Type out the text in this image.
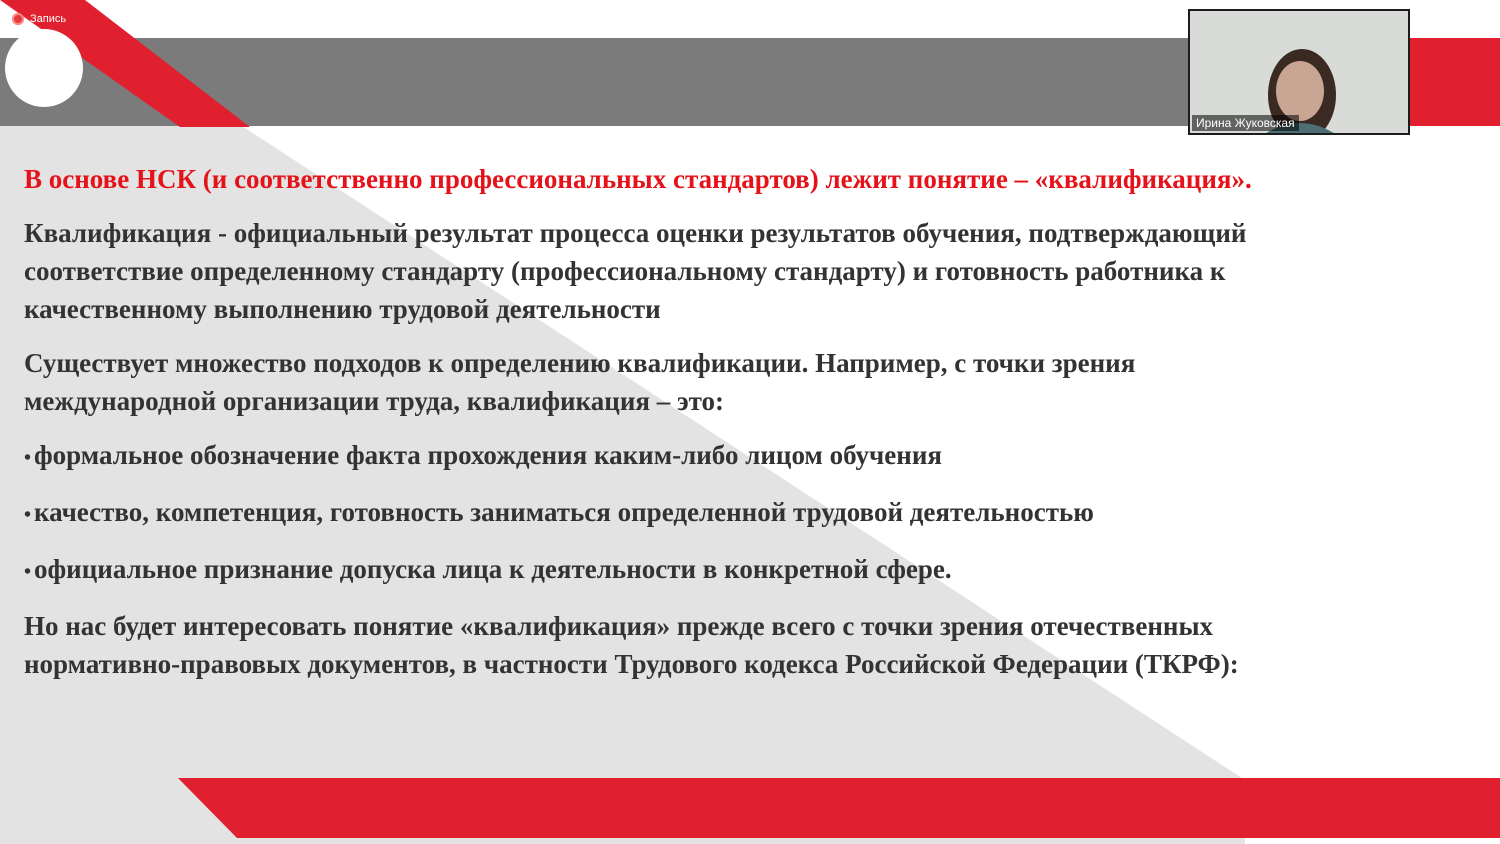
Запись
Ирина Жуковская

В основе НСК (и соответственно профессиональных стандартов) лежит понятие – «квалификация».

Квалификация - официальный результат процесса оценки результатов обучения, подтверждающий
соответствие определенному стандарту (профессиональному стандарту) и готовность работника к
качественному выполнению трудовой деятельности

Существует множество подходов к определению квалификации. Например, с точки зрения
международной организации труда, квалификация – это:

• формальное обозначение факта прохождения каким-либо лицом обучения
• качество, компетенция, готовность заниматься определенной трудовой деятельностью
• официальное признание допуска лица к деятельности в конкретной сфере.

Но нас будет интересовать понятие «квалификация» прежде всего с точки зрения отечественных
нормативно-правовых документов, в частности Трудового кодекса Российской Федерации (ТКРФ):
